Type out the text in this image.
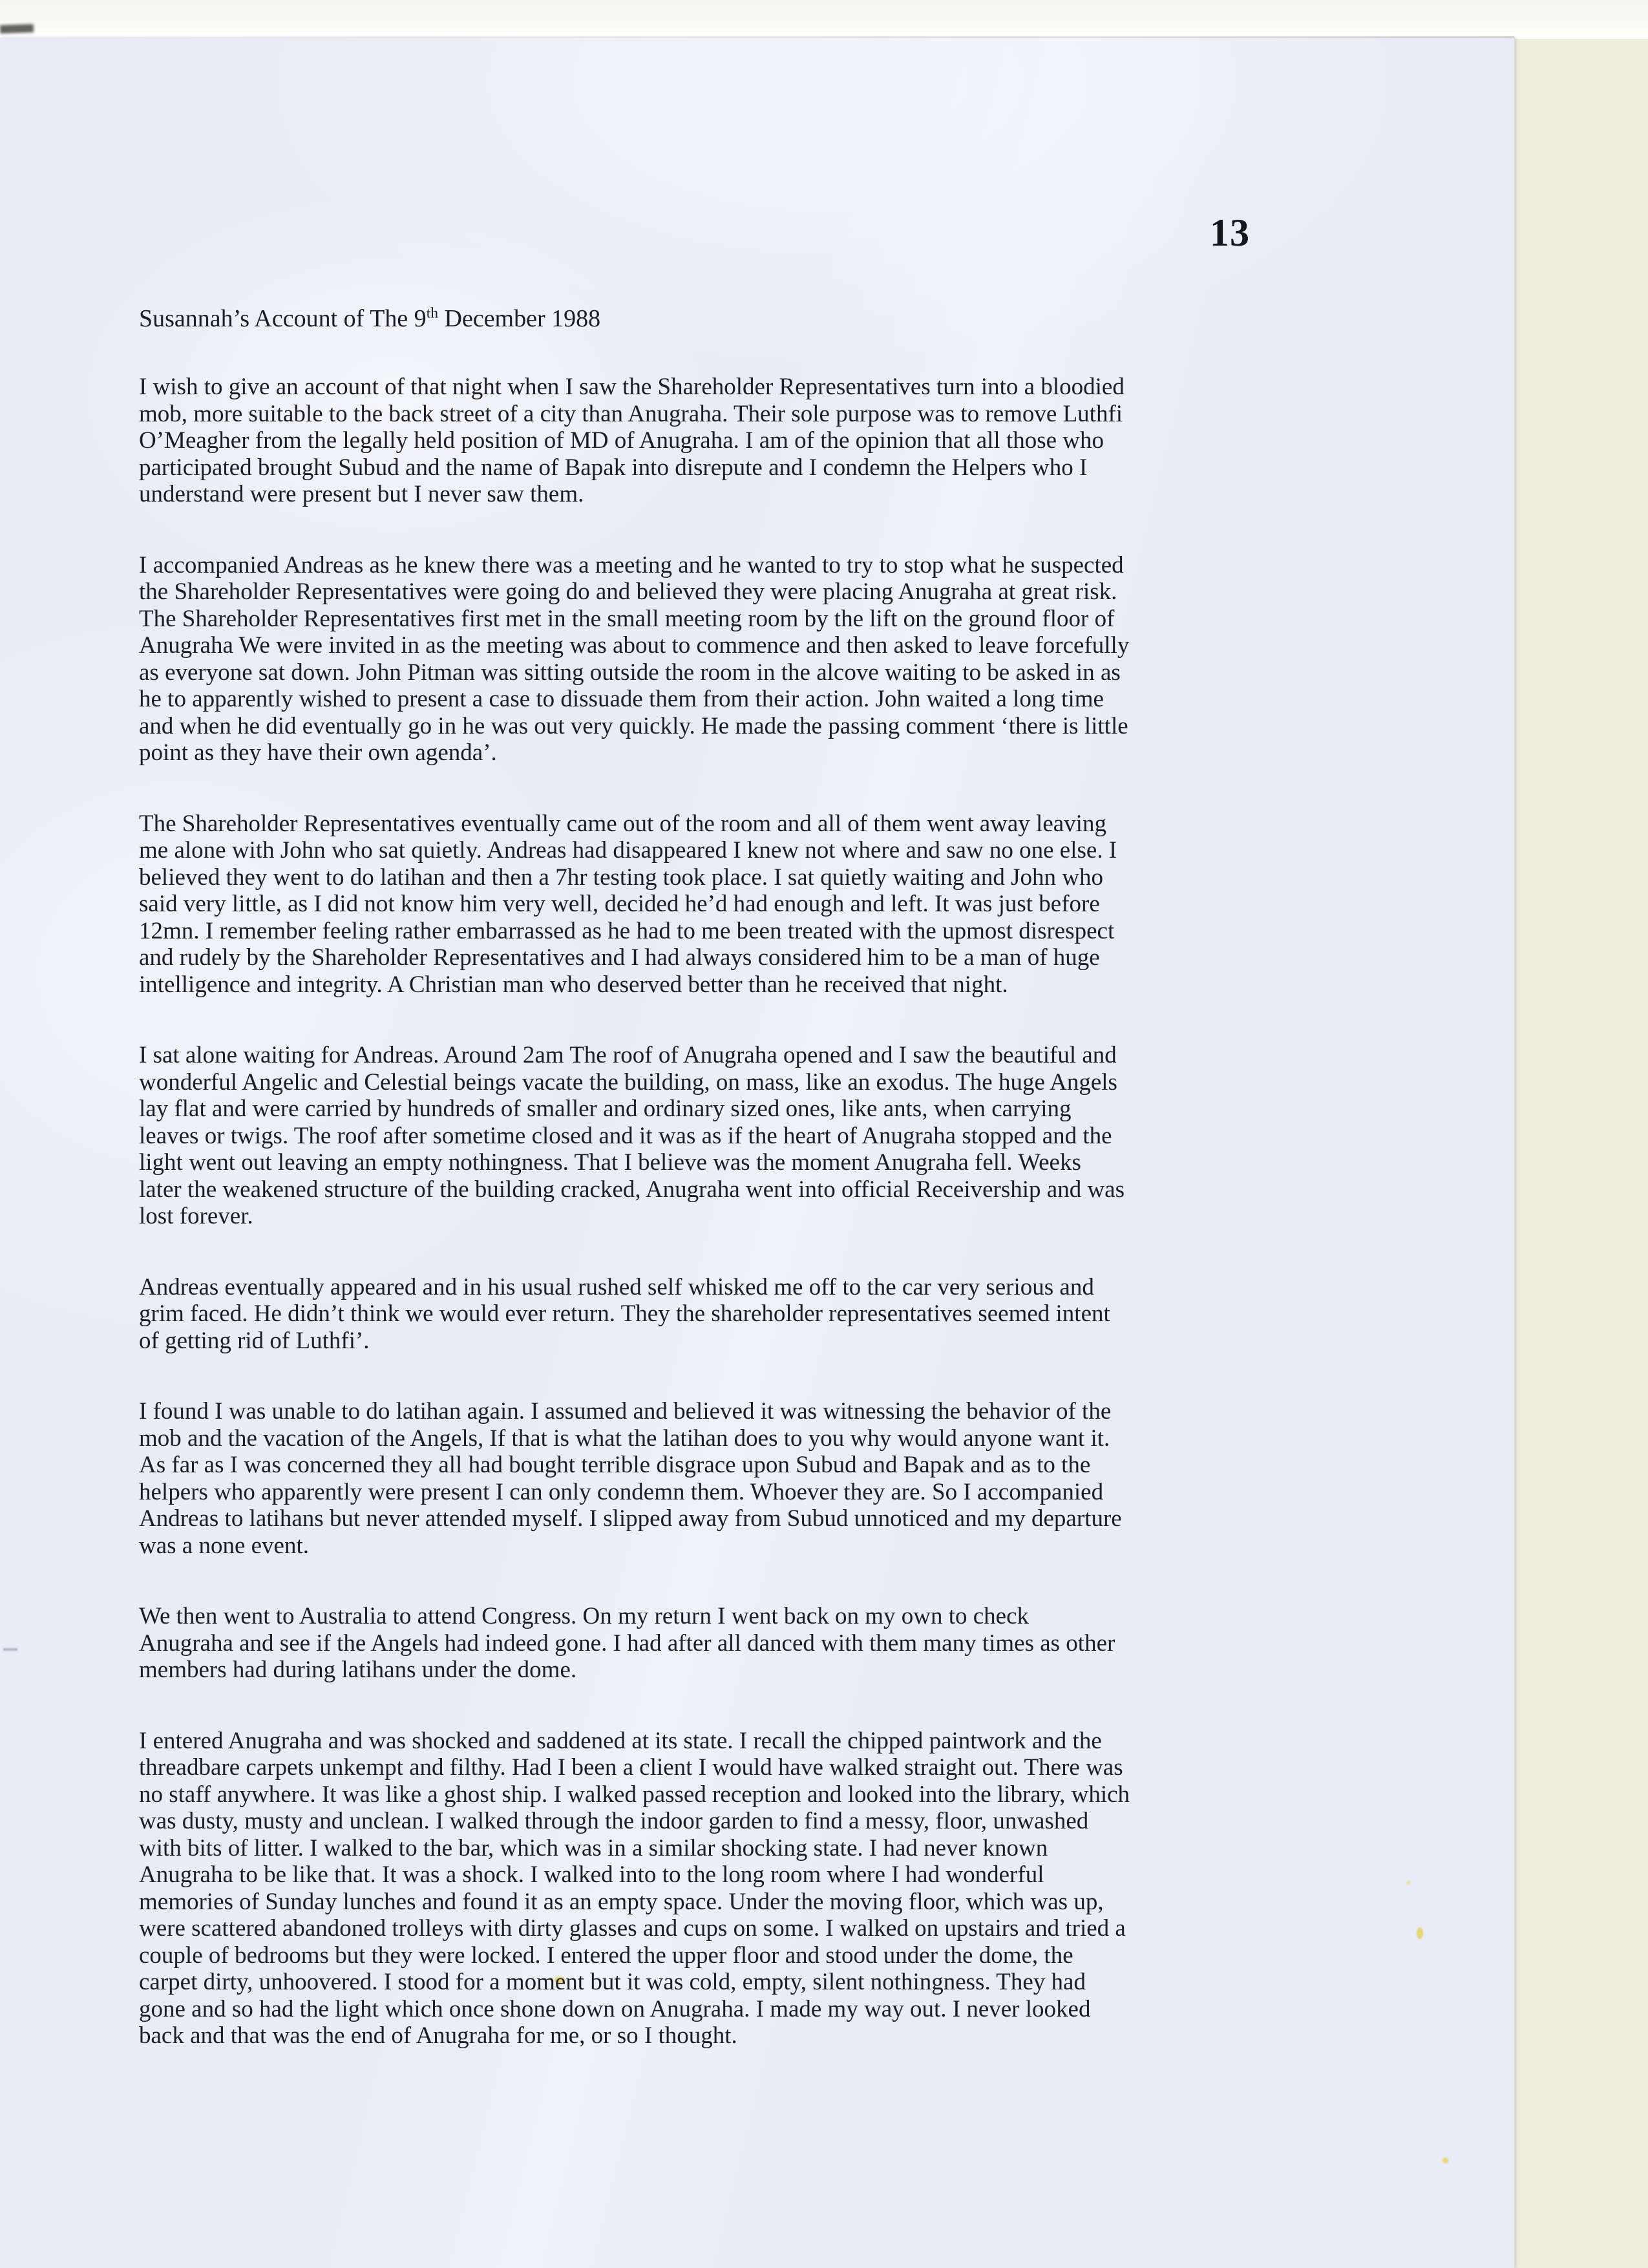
13
Susannah’s Account of The 9th December 1988
I wish to give an account of that night when I saw the Shareholder Representatives turn into a bloodied
mob, more suitable to the back street of a city than Anugraha. Their sole purpose was to remove Luthfi
O’Meagher from the legally held position of MD of Anugraha. I am of the opinion that all those who
participated brought Subud and the name of Bapak into disrepute and I condemn the Helpers who I
understand were present but I never saw them.
I accompanied Andreas as he knew there was a meeting and he wanted to try to stop what he suspected
the Shareholder Representatives were going do and believed they were placing Anugraha at great risk.
The Shareholder Representatives first met in the small meeting room by the lift on the ground floor of
Anugraha We were invited in as the meeting was about to commence and then asked to leave forcefully
as everyone sat down. John Pitman was sitting outside the room in the alcove waiting to be asked in as
he to apparently wished to present a case to dissuade them from their action. John waited a long time
and when he did eventually go in he was out very quickly. He made the passing comment ‘there is little
point as they have their own agenda’.
The Shareholder Representatives eventually came out of the room and all of them went away leaving
me alone with John who sat quietly. Andreas had disappeared I knew not where and saw no one else. I
believed they went to do latihan and then a 7hr testing took place. I sat quietly waiting and John who
said very little, as I did not know him very well, decided he’d had enough and left. It was just before
12mn. I remember feeling rather embarrassed as he had to me been treated with the upmost disrespect
and rudely by the Shareholder Representatives and I had always considered him to be a man of huge
intelligence and integrity. A Christian man who deserved better than he received that night.
I sat alone waiting for Andreas. Around 2am The roof of Anugraha opened and I saw the beautiful and
wonderful Angelic and Celestial beings vacate the building, on mass, like an exodus. The huge Angels
lay flat and were carried by hundreds of smaller and ordinary sized ones, like ants, when carrying
leaves or twigs. The roof after sometime closed and it was as if the heart of Anugraha stopped and the
light went out leaving an empty nothingness. That I believe was the moment Anugraha fell. Weeks
later the weakened structure of the building cracked, Anugraha went into official Receivership and was
lost forever.
Andreas eventually appeared and in his usual rushed self whisked me off to the car very serious and
grim faced. He didn’t think we would ever return. They the shareholder representatives seemed intent
of getting rid of Luthfi’.
I found I was unable to do latihan again. I assumed and believed it was witnessing the behavior of the
mob and the vacation of the Angels, If that is what the latihan does to you why would anyone want it.
As far as I was concerned they all had bought terrible disgrace upon Subud and Bapak and as to the
helpers who apparently were present I can only condemn them. Whoever they are. So I accompanied
Andreas to latihans but never attended myself. I slipped away from Subud unnoticed and my departure
was a none event.
We then went to Australia to attend Congress. On my return I went back on my own to check
Anugraha and see if the Angels had indeed gone. I had after all danced with them many times as other
members had during latihans under the dome.
I entered Anugraha and was shocked and saddened at its state. I recall the chipped paintwork and the
threadbare carpets unkempt and filthy. Had I been a client I would have walked straight out. There was
no staff anywhere. It was like a ghost ship. I walked passed reception and looked into the library, which
was dusty, musty and unclean. I walked through the indoor garden to find a messy, floor, unwashed
with bits of litter. I walked to the bar, which was in a similar shocking state. I had never known
Anugraha to be like that. It was a shock. I walked into to the long room where I had wonderful
memories of Sunday lunches and found it as an empty space. Under the moving floor, which was up,
were scattered abandoned trolleys with dirty glasses and cups on some. I walked on upstairs and tried a
couple of bedrooms but they were locked. I entered the upper floor and stood under the dome, the
carpet dirty, unhoovered. I stood for a moment but it was cold, empty, silent nothingness. They had
gone and so had the light which once shone down on Anugraha. I made my way out. I never looked
back and that was the end of Anugraha for me, or so I thought.
